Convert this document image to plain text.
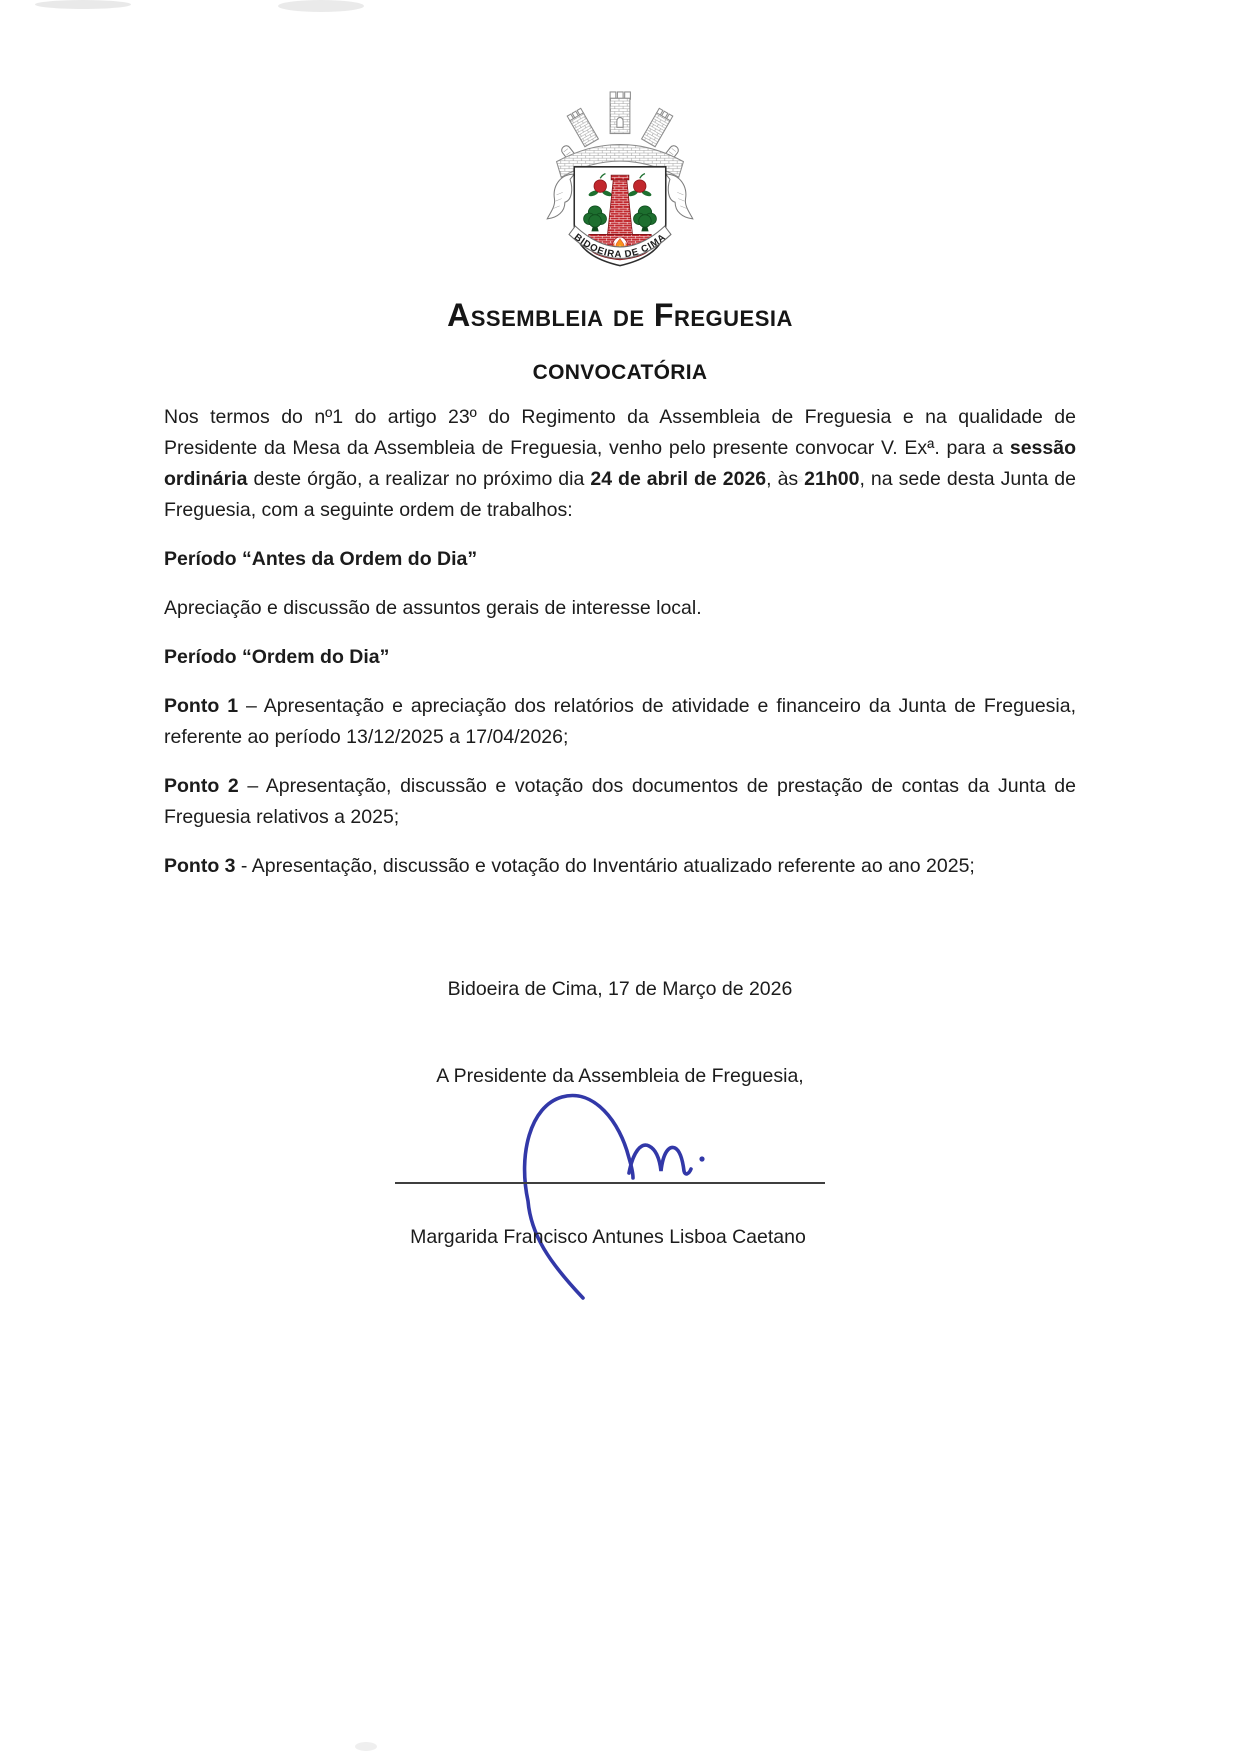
BIDOEIRA DE CIMA
Assembleia de Freguesia
CONVOCATÓRIA

Nos termos do nº1 do artigo 23º do Regimento da Assembleia de Freguesia e na qualidade de Presidente da Mesa da Assembleia de Freguesia, venho pelo presente convocar V. Exª. para a sessão ordinária deste órgão, a realizar no próximo dia 24 de abril de 2026, às 21h00, na sede desta Junta de Freguesia, com a seguinte ordem de trabalhos:

Período “Antes da Ordem do Dia”

Apreciação e discussão de assuntos gerais de interesse local.

Período “Ordem do Dia”

Ponto 1 – Apresentação e apreciação dos relatórios de atividade e financeiro da Junta de Freguesia, referente ao período 13/12/2025 a 17/04/2026;

Ponto 2 – Apresentação, discussão e votação dos documentos de prestação de contas da Junta de Freguesia relativos a 2025;

Ponto 3 - Apresentação, discussão e votação do Inventário atualizado referente ao ano 2025;

Bidoeira de Cima, 17 de Março de 2026

A Presidente da Assembleia de Freguesia,

Margarida Francisco Antunes Lisboa Caetano
